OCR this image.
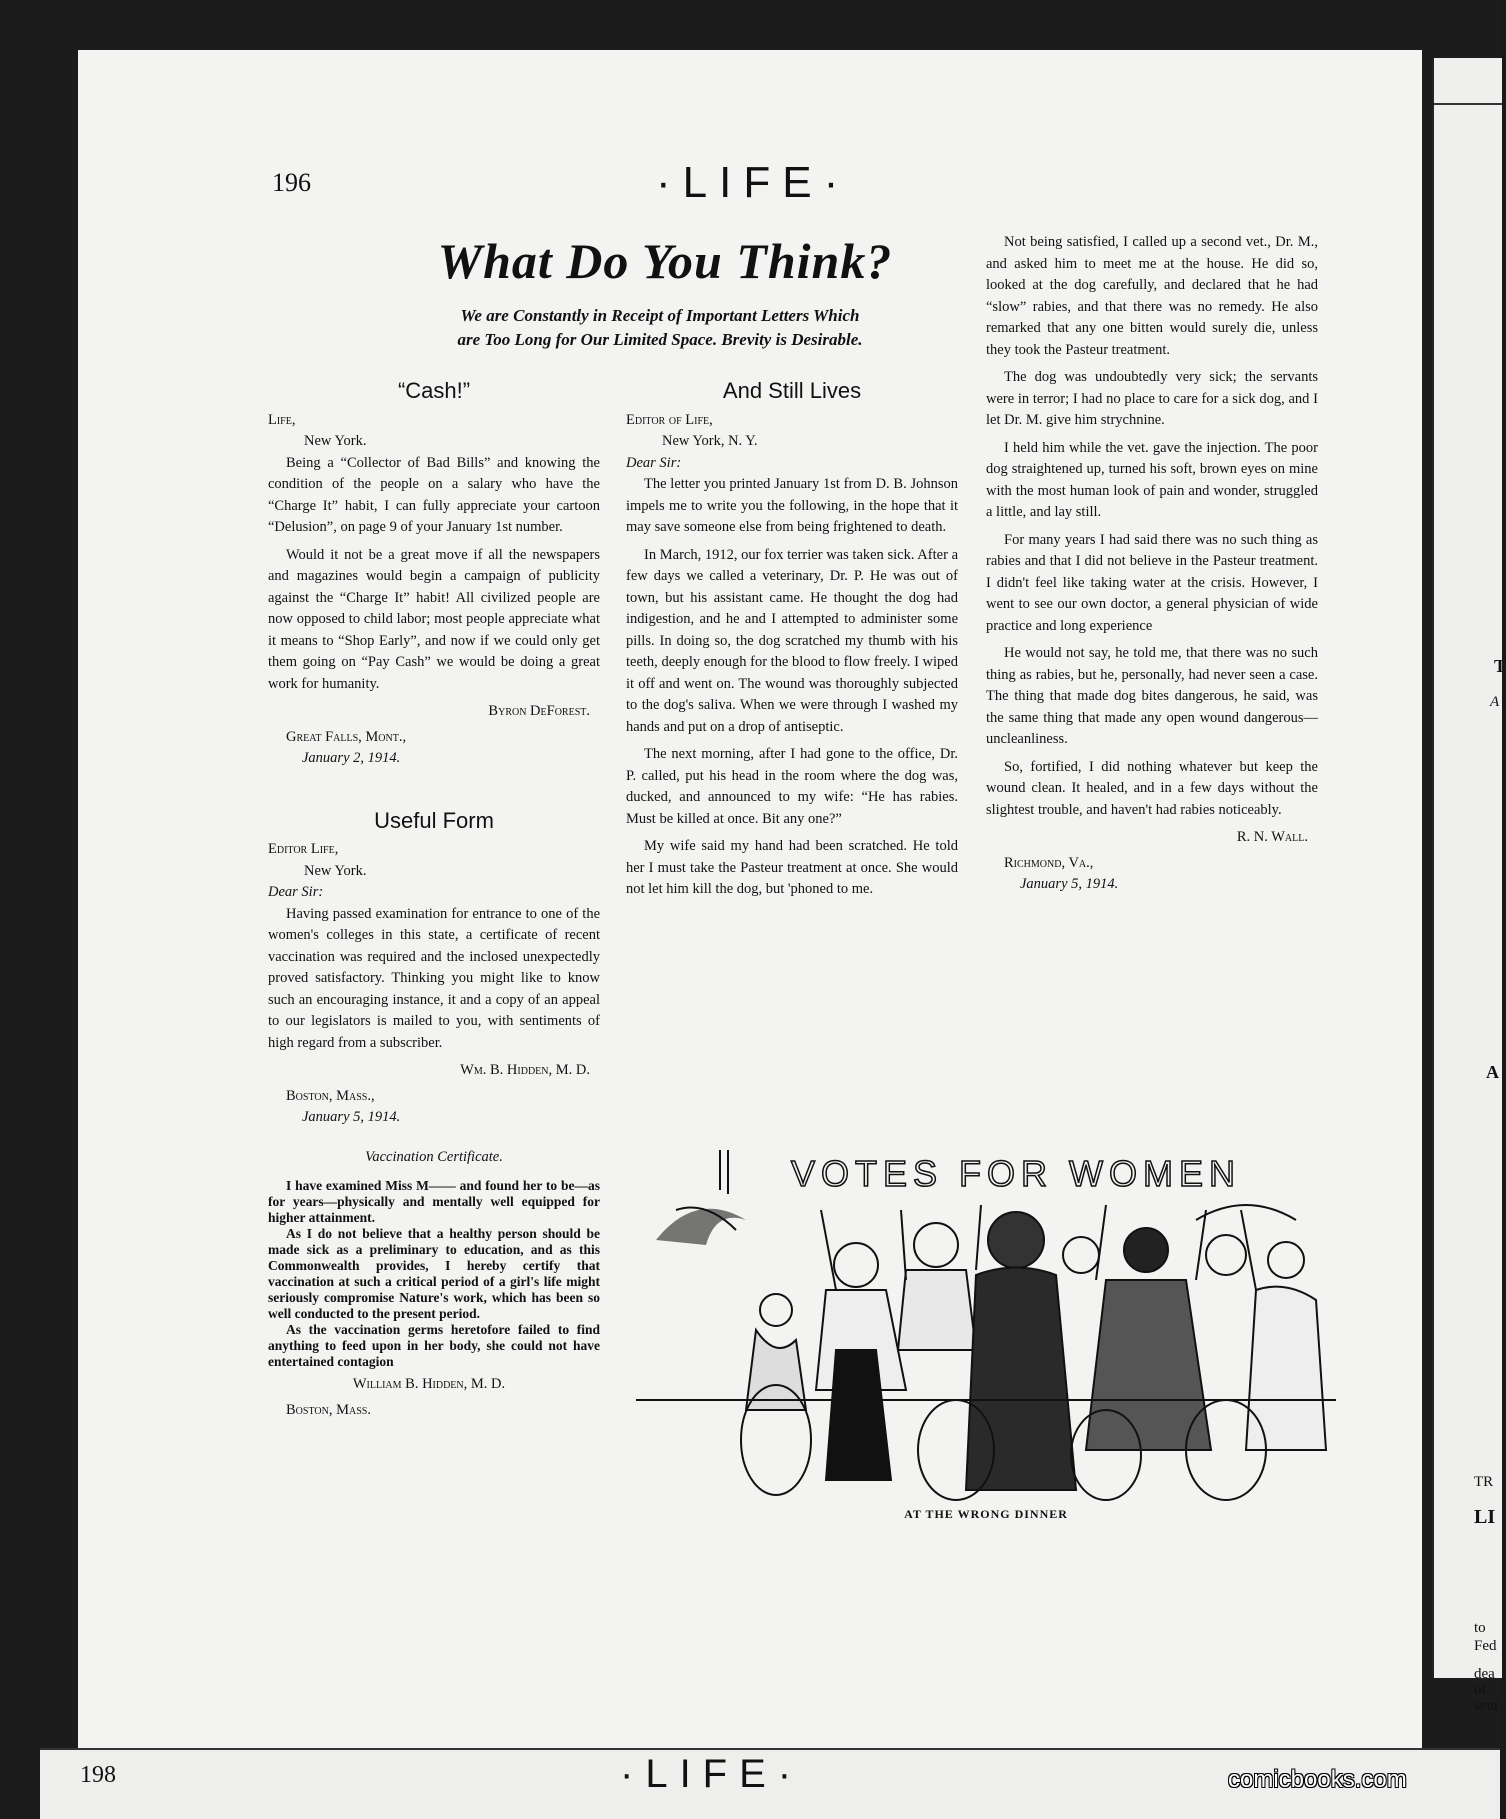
T
A
A
TR
LI
to
Fed
dea
of
sent
196	·LIFE·
What Do You Think?
We are Constantly in Receipt of Important Letters Which
are Too Long for Our Limited Space. Brevity is Desirable.
“Cash!”

Life,

New York.

Being a “Collector of Bad Bills” and knowing the condition of the people on a salary who have the “Charge It” habit, I can fully appreciate your cartoon “Delusion”, on page 9 of your January 1st number.

Would it not be a great move if all the newspapers and magazines would begin a campaign of publicity against the “Charge It” habit! All civilized people are now opposed to child labor; most people appreciate what it means to “Shop Early”, and now if we could only get them going on “Pay Cash” we would be doing a great work for humanity.

Byron DeForest.

Great Falls, Mont.,

January 2, 1914.

Useful Form

Editor Life,

New York.

Dear Sir:

Having passed examination for entrance to one of the women's colleges in this state, a certificate of recent vaccination was required and the inclosed unexpectedly proved satisfactory. Thinking you might like to know such an encouraging instance, it and a copy of an appeal to our legislators is mailed to you, with sentiments of high regard from a subscriber.

Wm. B. Hidden, M. D.

Boston, Mass.,

January 5, 1914.

Vaccination Certificate.

I have examined Miss M—— and found her to be—as for years—physically and mentally well equipped for higher attainment.

As I do not believe that a healthy person should be made sick as a preliminary to education, and as this Commonwealth provides, I hereby certify that vaccination at such a critical period of a girl's life might seriously compromise Nature's work, which has been so well conducted to the present period.

As the vaccination germs heretofore failed to find anything to feed upon in her body, she could not have entertained contagion

William B. Hidden, M. D.

Boston, Mass.

And Still Lives

Editor of Life,

New York, N. Y.

Dear Sir:

The letter you printed January 1st from D. B. Johnson impels me to write you the following, in the hope that it may save someone else from being frightened to death.

In March, 1912, our fox terrier was taken sick. After a few days we called a veterinary, Dr. P. He was out of town, but his assistant came. He thought the dog had indigestion, and he and I attempted to administer some pills. In doing so, the dog scratched my thumb with his teeth, deeply enough for the blood to flow freely. I wiped it off and went on. The wound was thoroughly subjected to the dog's saliva. When we were through I washed my hands and put on a drop of antiseptic.

The next morning, after I had gone to the office, Dr. P. called, put his head in the room where the dog was, ducked, and announced to my wife: “He has rabies. Must be killed at once. Bit any one?”

My wife said my hand had been scratched. He told her I must take the Pasteur treatment at once. She would not let him kill the dog, but 'phoned to me.

Not being satisfied, I called up a second vet., Dr. M., and asked him to meet me at the house. He did so, looked at the dog carefully, and declared that he had “slow” rabies, and that there was no remedy. He also remarked that any one bitten would surely die, unless they took the Pasteur treatment.

The dog was undoubtedly very sick; the servants were in terror; I had no place to care for a sick dog, and I let Dr. M. give him strychnine.

I held him while the vet. gave the injection. The poor dog straightened up, turned his soft, brown eyes on mine with the most human look of pain and wonder, struggled a little, and lay still.

For many years I had said there was no such thing as rabies and that I did not believe in the Pasteur treatment. I didn't feel like taking water at the crisis. However, I went to see our own doctor, a general physician of wide practice and long experience

He would not say, he told me, that there was no such thing as rabies, but he, personally, had never seen a case. The thing that made dog bites dangerous, he said, was the same thing that made any open wound dangerous—uncleanliness.

So, fortified, I did nothing whatever but keep the wound clean. It healed, and in a few days without the slightest trouble, and haven't had rabies noticeably.

R. N. Wall.

Richmond, Va.,

January 5, 1914.

VOTES FOR WOMEN
AT THE WRONG DINNER
198	·LIFE·	comicbooks.com
